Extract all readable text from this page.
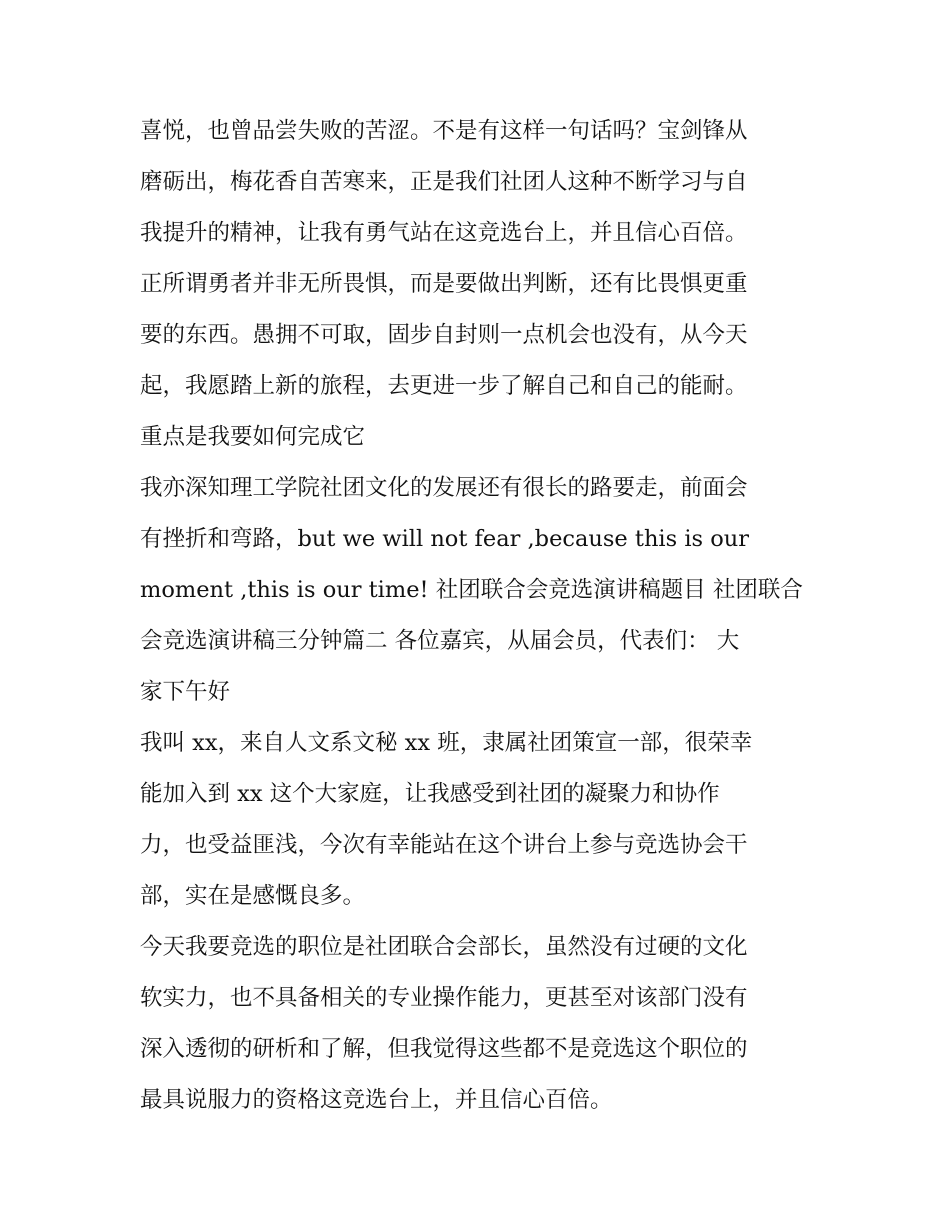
喜悦，也曾品尝失败的苦涩。不是有这样一句话吗？宝剑锋从
磨砺出，梅花香自苦寒来，正是我们社团人这种不断学习与自
我提升的精神，让我有勇气站在这竞选台上，并且信心百倍。
正所谓勇者并非无所畏惧，而是要做出判断，还有比畏惧更重
要的东西。愚拥不可取，固步自封则一点机会也没有，从今天
起，我愿踏上新的旅程，去更进一步了解自己和自己的能耐。
重点是我要如何完成它
我亦深知理工学院社团文化的发展还有很长的路要走，前面会
有挫折和弯路，but we will not fear ,because this is our
moment ,this is our time! 社团联合会竞选演讲稿题目 社团联合
会竞选演讲稿三分钟篇二 各位嘉宾，从届会员，代表们： 大
家下午好
我叫 xx，来自人文系文秘 xx 班，隶属社团策宣一部，很荣幸
能加入到 xx 这个大家庭，让我感受到社团的凝聚力和协作
力，也受益匪浅，今次有幸能站在这个讲台上参与竞选协会干
部，实在是感慨良多。
今天我要竞选的职位是社团联合会部长，虽然没有过硬的文化
软实力，也不具备相关的专业操作能力，更甚至对该部门没有
深入透彻的研析和了解，但我觉得这些都不是竞选这个职位的
最具说服力的资格这竞选台上，并且信心百倍。
